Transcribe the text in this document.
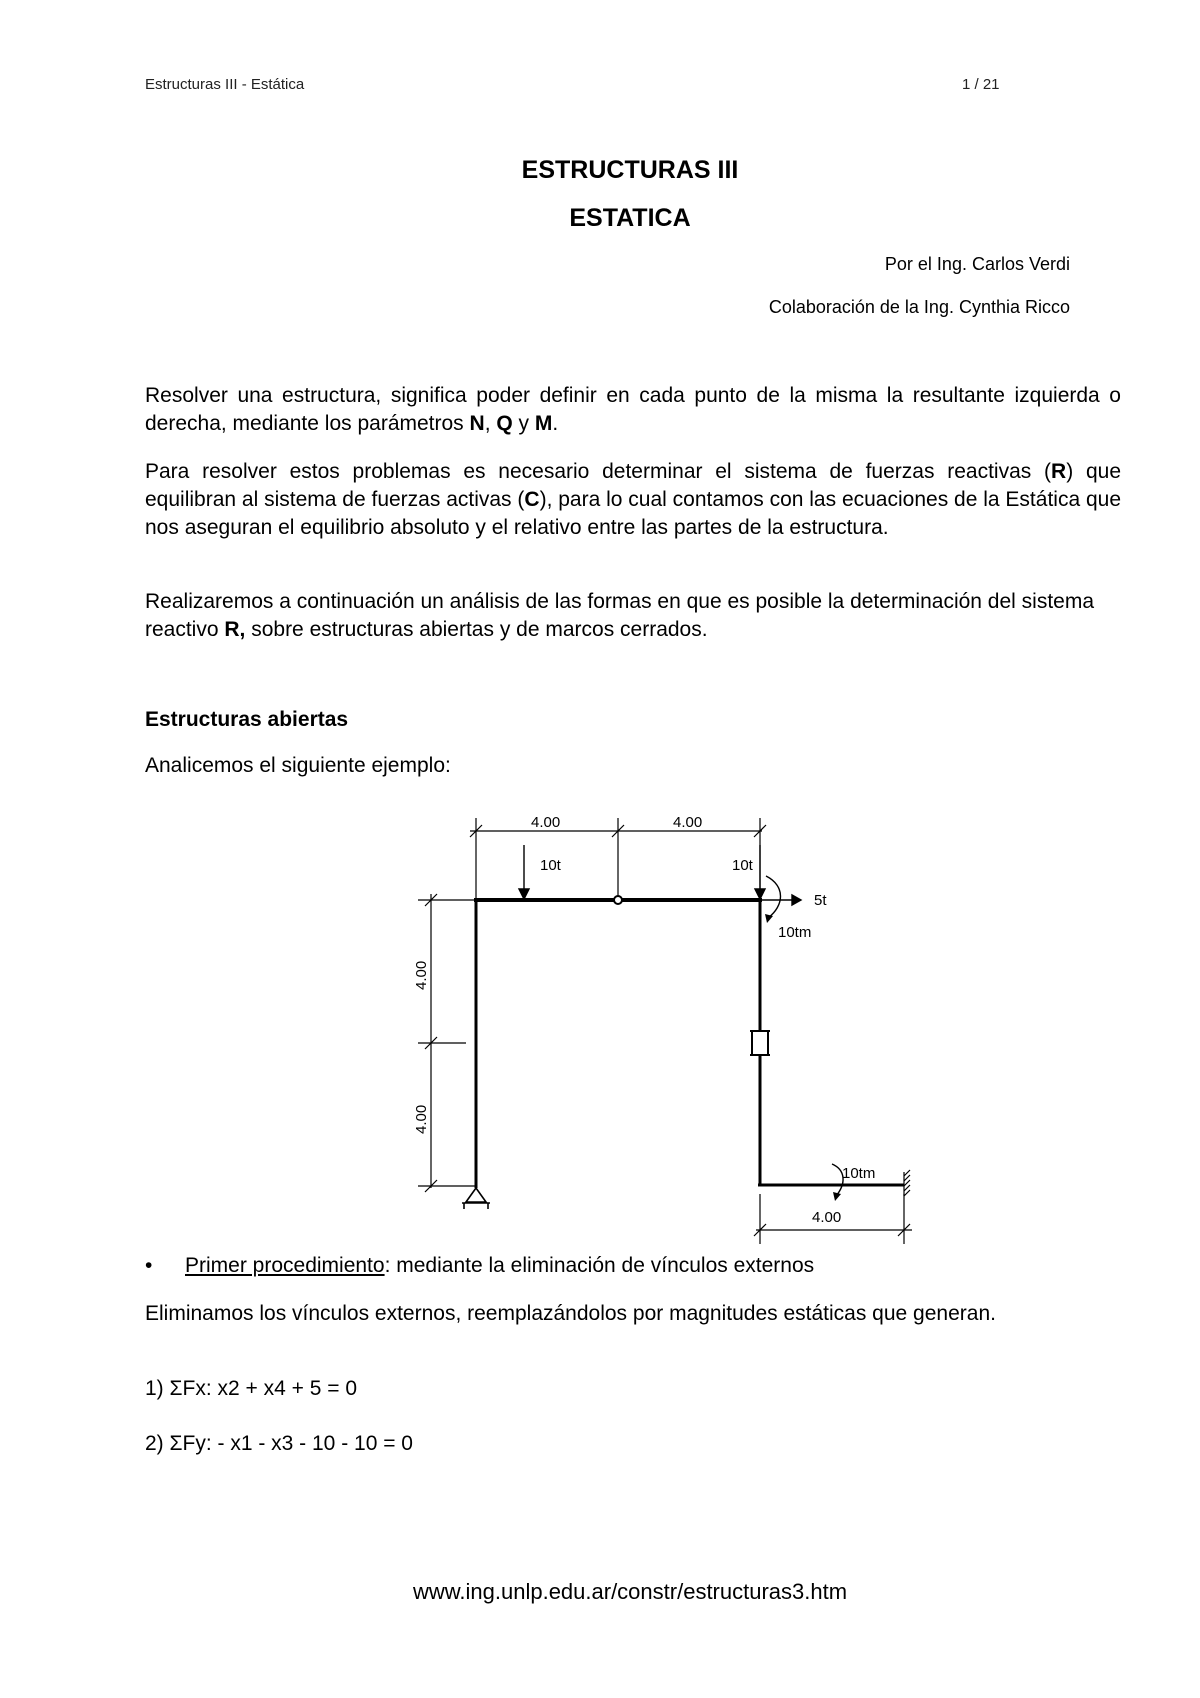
Estructuras III - Estática	1 / 21
ESTRUCTURAS III
ESTATICA
Por el Ing. Carlos Verdi
Colaboración de la Ing. Cynthia Ricco
Resolver una estructura, significa poder definir en cada punto de la misma la resultante izquierda o derecha, mediante los parámetros N, Q y M.
Para resolver estos problemas es necesario determinar el sistema de fuerzas reactivas (R) que equilibran al sistema de fuerzas activas (C), para lo cual contamos con las ecuaciones de la Estática que nos aseguran el equilibrio absoluto y el relativo entre las partes de la estructura.
Realizaremos a continuación un análisis de las formas en que es posible la determinación del sistema reactivo R, sobre estructuras abiertas y de marcos cerrados.
Estructuras abiertas
Analicemos el siguiente ejemplo:
4.00	4.00
10t	10t
5t
10tm
10tm
4.00
4.00
4.00
• Primer procedimiento: mediante la eliminación de vínculos externos
Eliminamos los vínculos externos, reemplazándolos por magnitudes estáticas que generan.
1) ΣFx: x2 + x4 + 5 = 0
2) ΣFy: - x1 - x3 - 10 - 10 = 0
www.ing.unlp.edu.ar/constr/estructuras3.htm
